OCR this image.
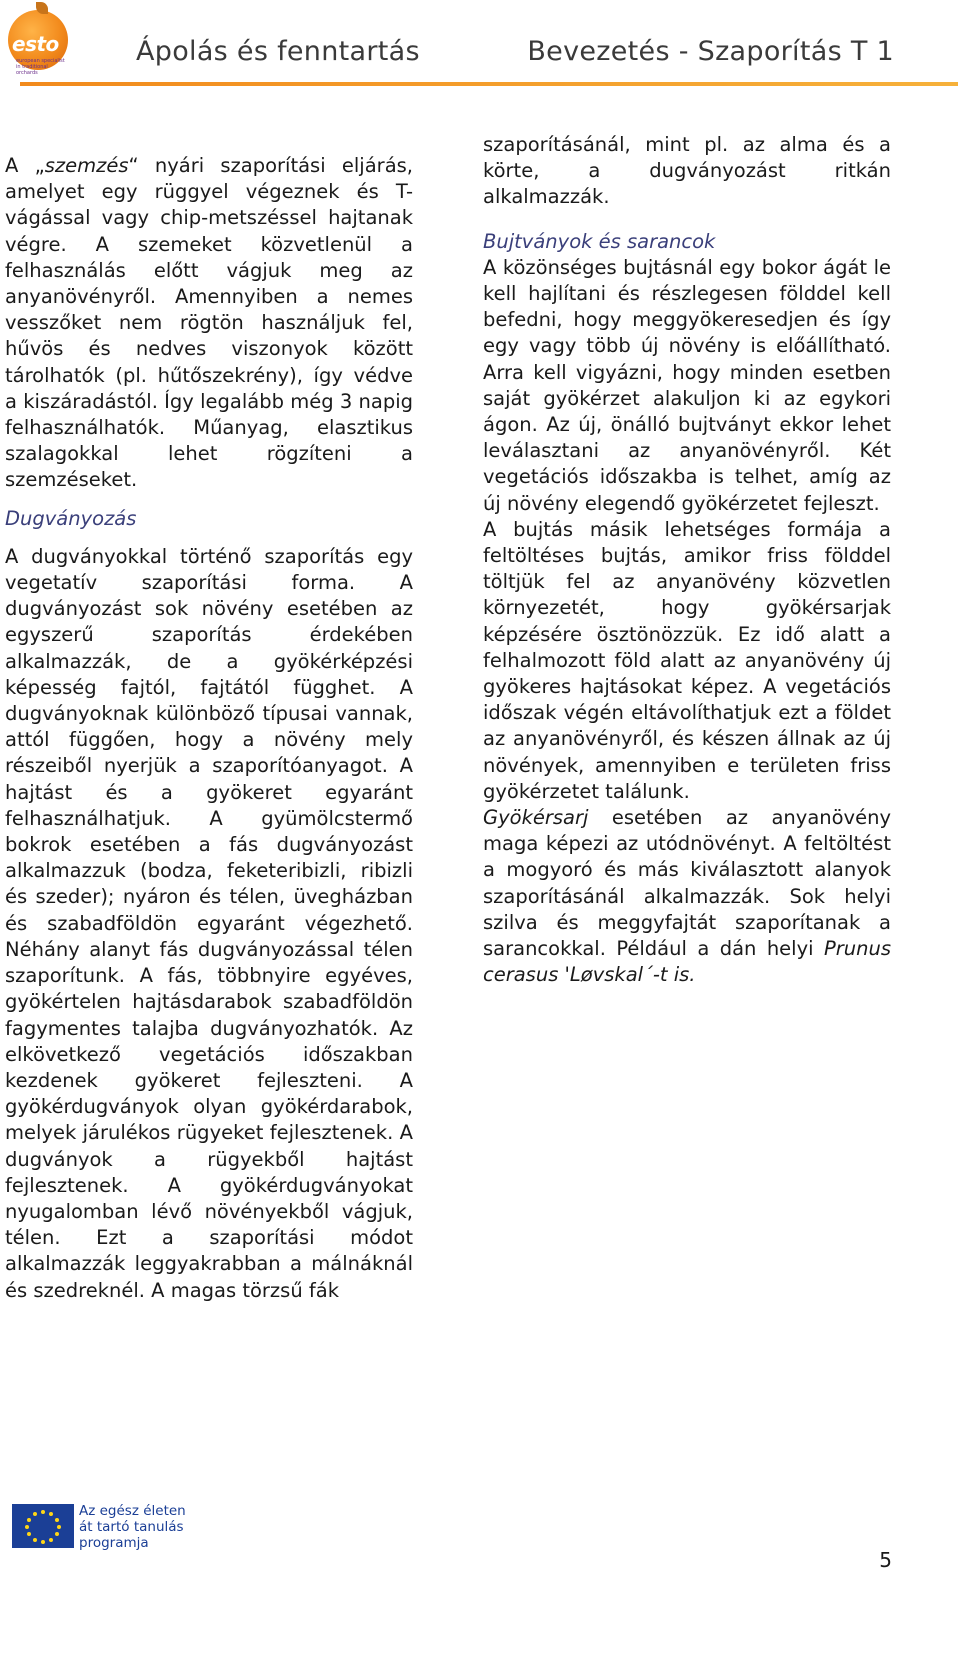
esto
european specialist in traditional orchards
Ápolás és fenntartás	Bevezetés - Szaporítás T 1

A „szemzés“ nyári szaporítási eljárás, amelyet egy rüggyel végeznek és T-vágással vagy chip-metszéssel hajtanak végre. A szemeket közvetlenül a felhasználás előtt vágjuk meg az anyanövényről. Amennyiben a nemes vesszőket nem rögtön használjuk fel, hűvös és nedves viszonyok között tárolhatók (pl. hűtőszekrény), így védve a kiszáradástól. Így legalább még 3 napig felhasználhatók. Műanyag, elasztikus szalagokkal lehet rögzíteni a szemzéseket.

Dugványozás

A dugványokkal történő szaporítás egy vegetatív szaporítási forma. A dugványozást sok növény esetében az egyszerű szaporítás érdekében alkalmazzák, de a gyökérképzési képesség fajtól, fajtától függhet. A dugványoknak különböző típusai vannak, attól függően, hogy a növény mely részeiből nyerjük a szaporítóanyagot. A hajtást és a gyökeret egyaránt felhasználhatjuk. A gyümölcstermő bokrok esetében a fás dugványozást alkalmazzuk (bodza, feketeribizli, ribizli és szeder); nyáron és télen, üvegházban és szabadföldön egyaránt végezhető. Néhány alanyt fás dugványozással télen szaporítunk. A fás, többnyire egyéves, gyökértelen hajtásdarabok szabadföldön fagymentes talajba dugványozhatók. Az elkövetkező vegetációs időszakban kezdenek gyökeret fejleszteni. A gyökérdugványok olyan gyökérdarabok, melyek járulékos rügyeket fejlesztenek. A dugványok a rügyekből hajtást fejlesztenek. A gyökérdugványokat nyugalomban lévő növényekből vágjuk, télen. Ezt a szaporítási módot alkalmazzák leggyakrabban a málnáknál és szedreknél. A magas törzsű fák

szaporításánál, mint pl. az alma és a körte, a dugványozást ritkán alkalmazzák.

Bujtványok és sarancok

A közönséges bujtásnál egy bokor ágát le kell hajlítani és részlegesen földdel kell befedni, hogy meggyökeresedjen és így egy vagy több új növény is előállítható. Arra kell vigyázni, hogy minden esetben saját gyökérzet alakuljon ki az egykori ágon. Az új, önálló bujtványt ekkor lehet leválasztani az anyanövényről. Két vegetációs időszakba is telhet, amíg az új növény elegendő gyökérzetet fejleszt.

A bujtás másik lehetséges formája a feltöltéses bujtás, amikor friss földdel töltjük fel az anyanövény közvetlen környezetét, hogy gyökérsarjak képzésére ösztönözzük. Ez idő alatt a felhalmozott föld alatt az anyanövény új gyökeres hajtásokat képez. A vegetációs időszak végén eltávolíthatjuk ezt a földet az anyanövényről, és készen állnak az új növények, amennyiben e területen friss gyökérzetet találunk.

Gyökérsarj esetében az anyanövény maga képezi az utódnövényt. A feltöltést a mogyoró és más kiválasztott alanyok szaporításánál alkalmazzák. Sok helyi szilva és meggyfajtát szaporítanak a sarancokkal. Például a dán helyi Prunus cerasus 'Løvskal´-t is.

Az egész életen
át tartó tanulás
programja
5
